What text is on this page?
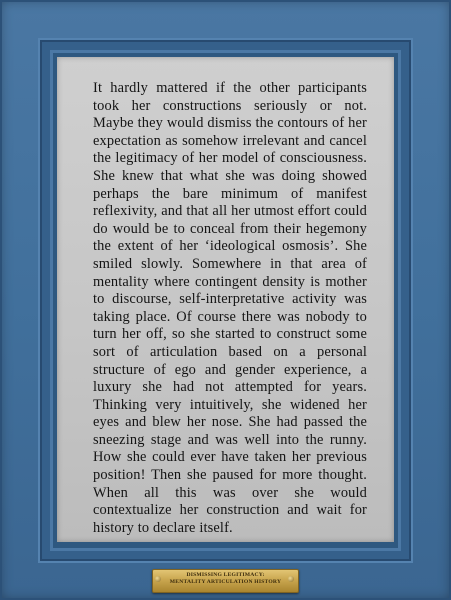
It hardly mattered if the other participants took her constructions seriously or not. Maybe they would dismiss the contours of her expectation as somehow irrelevant and cancel the legitimacy of her model of consciousness. She knew that what she was doing showed perhaps the bare minimum of manifest reflexivity, and that all her utmost effort could do would be to conceal from their hegemony the extent of her ‘ideological osmosis’. She smiled slowly. Somewhere in that area of mentality where contingent density is mother to discourse, self-interpretative activity was taking place. Of course there was nobody to turn her off, so she started to construct some sort of articulation based on a personal structure of ego and gender experience, a luxury she had not attempted for years. Thinking very intuitively, she widened her eyes and blew her nose. She had passed the sneezing stage and was well into the runny. How she could ever have taken her previous position! Then she paused for more thought. When all this was over she would contextualize her construction and wait for history to declare itself.
DISMISSING LEGITIMACY:
MENTALITY ARTICULATION HISTORY
